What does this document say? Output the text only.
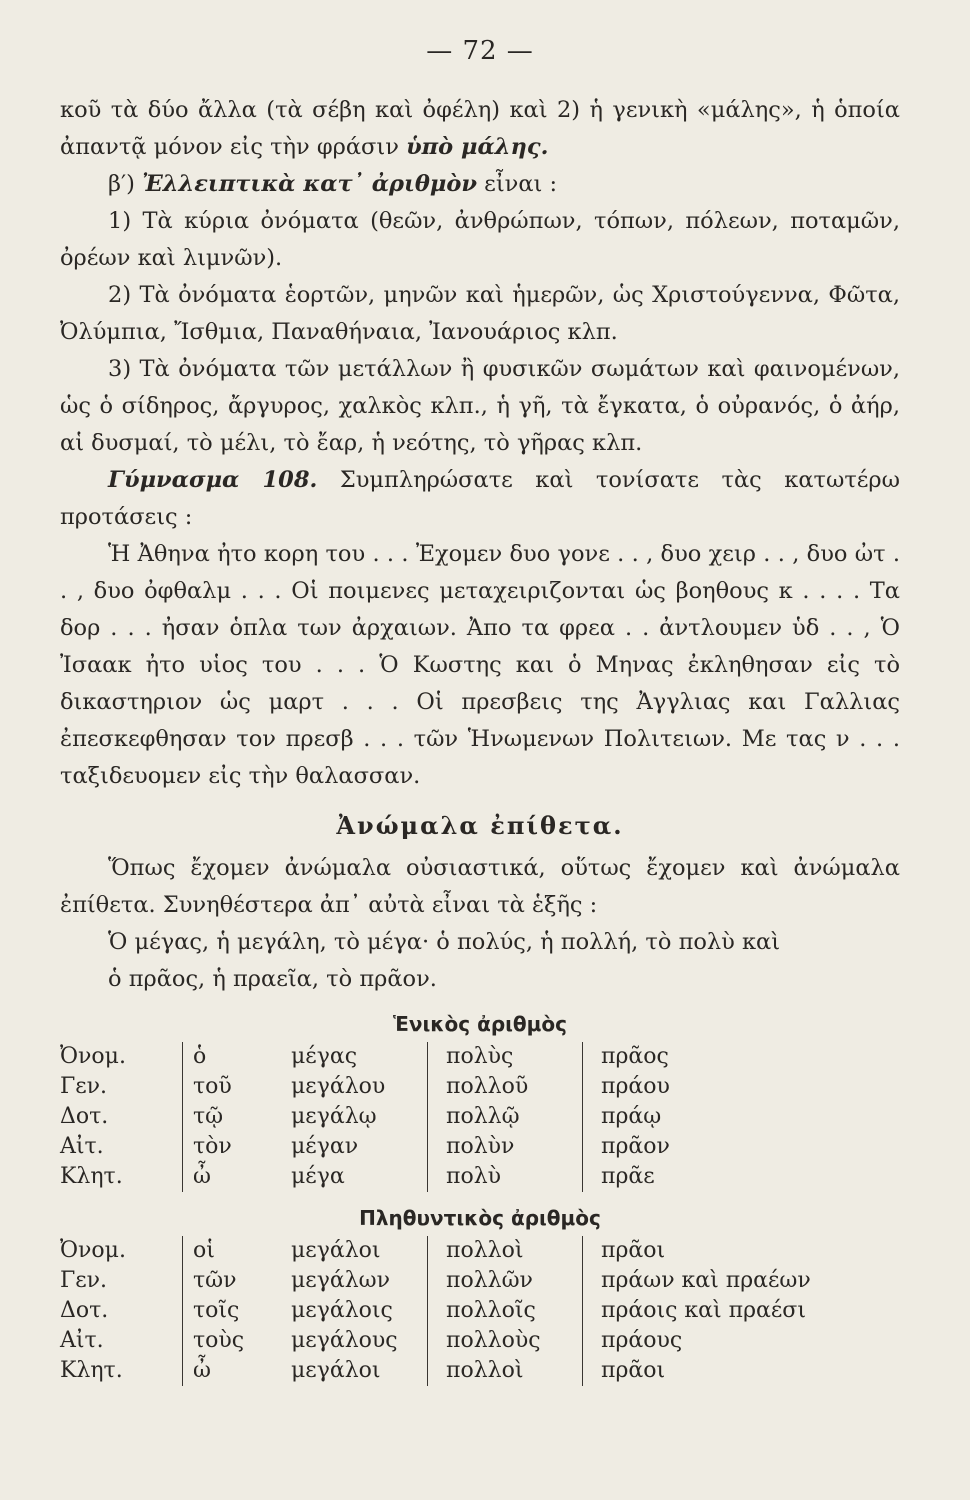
— 72 —

κοῦ τὰ δύο ἄλλα (τὰ σέβη καὶ ὀφέλη) καὶ 2) ἡ γενικὴ «μάλης», ἡ ὁποία ἀπαντᾷ μόνον εἰς τὴν φράσιν ὑπὸ μάλης.

β′) Ἐλλειπτικὰ κατ᾽ ἀριθμὸν εἶναι :

1) Τὰ κύρια ὀνόματα (θεῶν, ἀνθρώπων, τόπων, πόλεων, ποταμῶν, ὀρέων καὶ λιμνῶν).

2) Τὰ ὀνόματα ἑορτῶν, μηνῶν καὶ ἡμερῶν, ὡς Χριστούγεννα, Φῶτα, Ὀλύμπια, Ἴσθμια, Παναθήναια, Ἰανουάριος κλπ.

3) Τὰ ὀνόματα τῶν μετάλλων ἢ φυσικῶν σωμάτων καὶ φαινομένων, ὡς ὁ σίδηρος, ἄργυρος, χαλκὸς κλπ., ἡ γῆ, τὰ ἔγκατα, ὁ οὐρανός, ὁ ἀήρ, αἱ δυσμαί, τὸ μέλι, τὸ ἔαρ, ἡ νεότης, τὸ γῆρας κλπ.

Γύμνασμα 108. Συμπληρώσατε καὶ τονίσατε τὰς κατωτέρω προτάσεις :

Ἡ Ἀθηνα ἠτο κορη του . . . Ἐχομεν δυο γονε . . , δυο χειρ . . , δυο ὠτ . . , δυο ὀφθαλμ . . . Οἱ ποιμενες μεταχειριζονται ὡς βοηθους κ . . . . Τα δορ . . . ἠσαν ὁπλα των ἀρχαιων. Ἀπο τα φρεα . . ἀντλουμεν ὑδ . . , Ὁ Ἰσαακ ἠτο υἱος του . . . Ὁ Κωστης και ὁ Μηνας ἐκληθησαν εἰς τὸ δικαστηριον ὡς μαρτ . . . Οἱ πρεσβεις της Ἀγγλιας και Γαλλιας ἐπεσκεφθησαν τον πρεσβ . . . τῶν Ἡνωμενων Πολιτειων. Με τας ν . . . ταξιδευομεν εἰς τὴν θαλασσαν.

Ἀνώμαλα ἐπίθετα.

Ὅπως ἔχομεν ἀνώμαλα οὐσιαστικά, οὕτως ἔχομεν καὶ ἀνώμαλα ἐπίθετα. Συνηθέστερα ἀπ᾽ αὐτὰ εἶναι τὰ ἑξῆς :

Ὁ μέγας, ἡ μεγάλη, τὸ μέγα· ὁ πολύς, ἡ πολλή, τὸ πολὺ καὶ

ὁ πρᾶος, ἡ πραεῖα, τὸ πρᾶον.

Ἑνικὸς ἀριθμὸς
Ὀνομ.	ὁ	μέγας	πολὺς	πρᾶος
Γεν.	τοῦ	μεγάλου	πολλοῦ	πράου
Δοτ.	τῷ	μεγάλῳ	πολλῷ	πράῳ
Αἰτ.	τὸν	μέγαν	πολὺν	πρᾶον
Κλητ.	ὦ	μέγα	πολὺ	πρᾶε
Πληθυντικὸς ἀριθμὸς
Ὀνομ.	οἱ	μεγάλοι	πολλοὶ	πρᾶοι
Γεν.	τῶν	μεγάλων	πολλῶν	πράων καὶ πραέων
Δοτ.	τοῖς	μεγάλοις	πολλοῖς	πράοις καὶ πραέσι
Αἰτ.	τοὺς	μεγάλους	πολλοὺς	πράους
Κλητ.	ὦ	μεγάλοι	πολλοὶ	πρᾶοι
